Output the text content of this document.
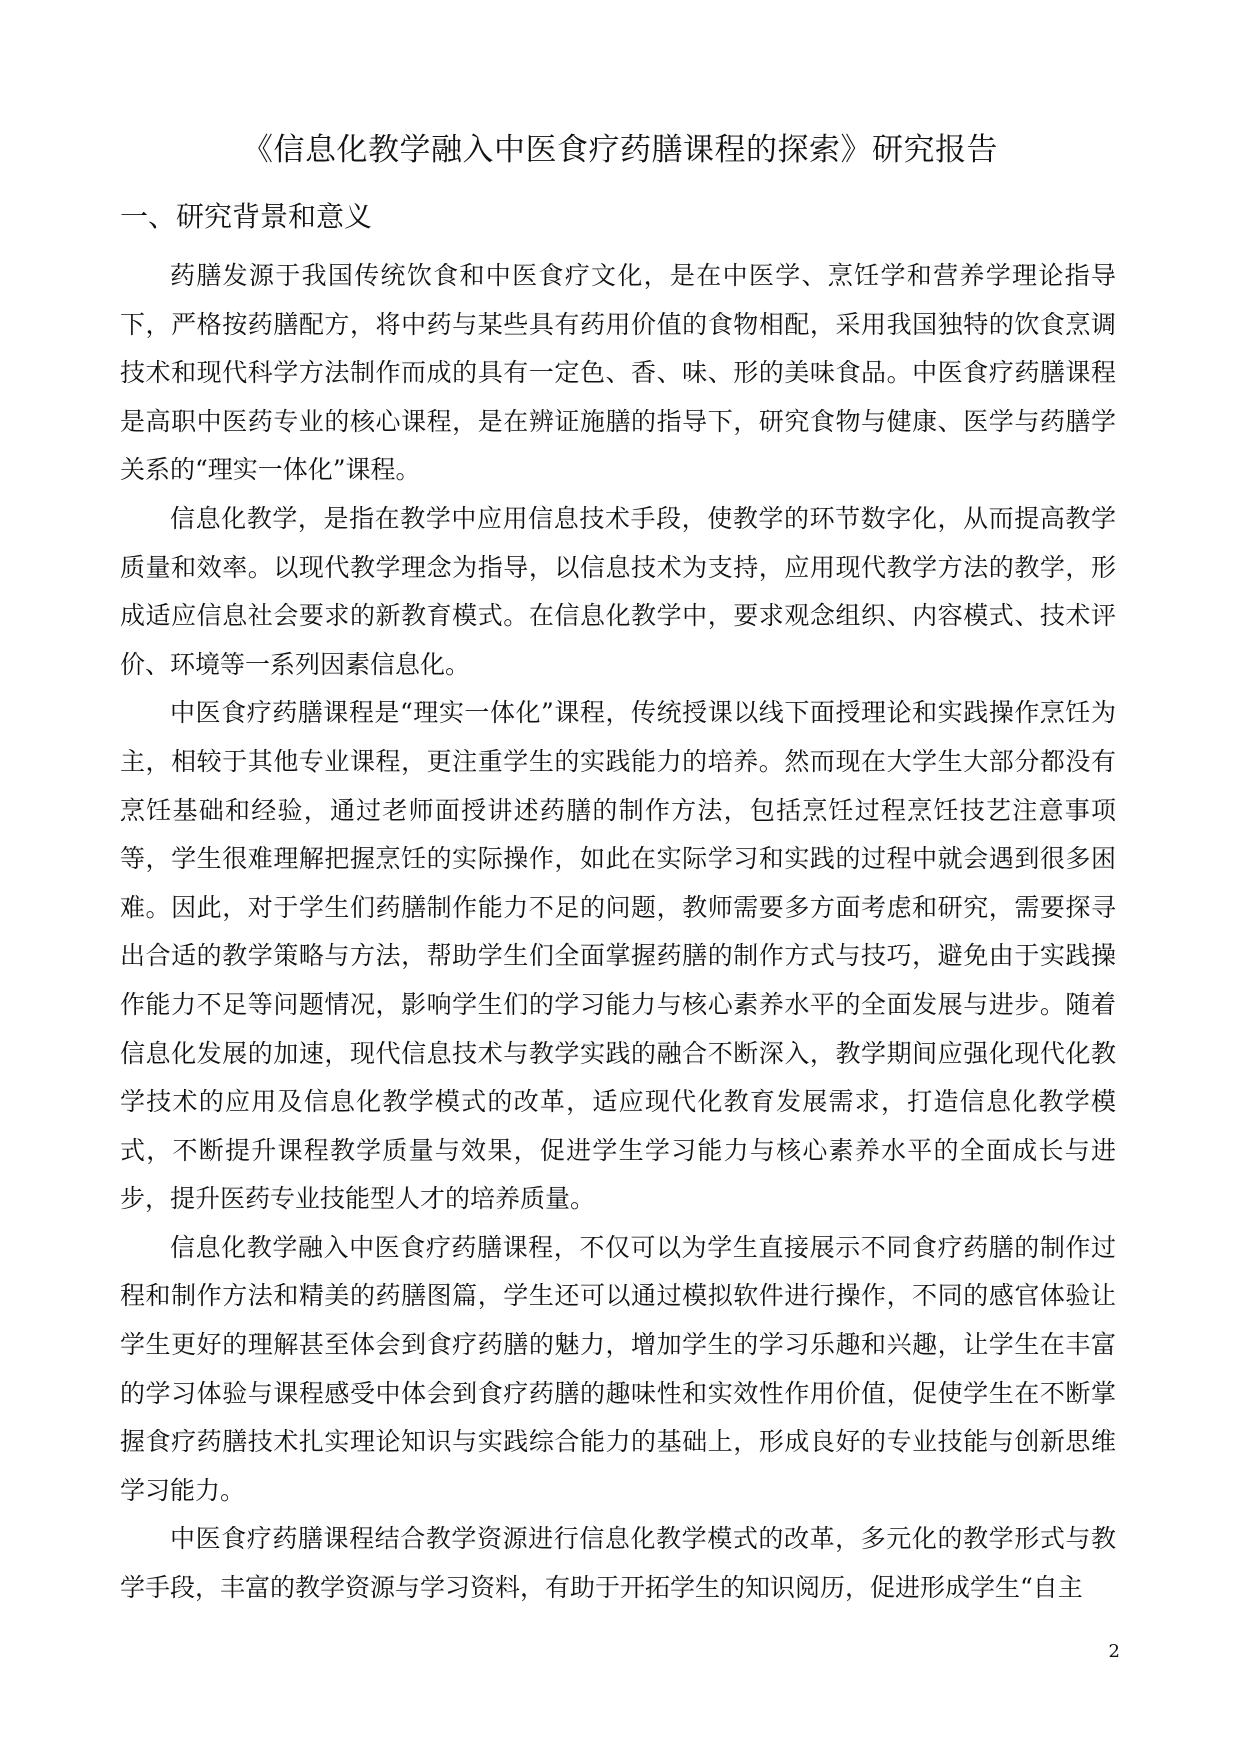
《信息化教学融入中医食疗药膳课程的探索》研究报告
一、研究背景和意义

药膳发源于我国传统饮食和中医食疗文化，是在中医学、烹饪学和营养学理论指导下，严格按药膳配方，将中药与某些具有药用价值的食物相配，采用我国独特的饮食烹调技术和现代科学方法制作而成的具有一定色、香、味、形的美味食品。中医食疗药膳课程是高职中医药专业的核心课程，是在辨证施膳的指导下，研究食物与健康、医学与药膳学关系的“理实一体化”课程。

信息化教学，是指在教学中应用信息技术手段，使教学的环节数字化，从而提高教学质量和效率。以现代教学理念为指导，以信息技术为支持，应用现代教学方法的教学，形成适应信息社会要求的新教育模式。在信息化教学中，要求观念组织、内容模式、技术评价、环境等一系列因素信息化。

中医食疗药膳课程是“理实一体化”课程，传统授课以线下面授理论和实践操作烹饪为主，相较于其他专业课程，更注重学生的实践能力的培养。然而现在大学生大部分都没有烹饪基础和经验，通过老师面授讲述药膳的制作方法，包括烹饪过程烹饪技艺注意事项等，学生很难理解把握烹饪的实际操作，如此在实际学习和实践的过程中就会遇到很多困难。因此，对于学生们药膳制作能力不足的问题，教师需要多方面考虑和研究，需要探寻出合适的教学策略与方法，帮助学生们全面掌握药膳的制作方式与技巧，避免由于实践操作能力不足等问题情况，影响学生们的学习能力与核心素养水平的全面发展与进步。随着信息化发展的加速，现代信息技术与教学实践的融合不断深入，教学期间应强化现代化教学技术的应用及信息化教学模式的改革，适应现代化教育发展需求，打造信息化教学模式，不断提升课程教学质量与效果，促进学生学习能力与核心素养水平的全面成长与进步，提升医药专业技能型人才的培养质量。

信息化教学融入中医食疗药膳课程，不仅可以为学生直接展示不同食疗药膳的制作过程和制作方法和精美的药膳图篇，学生还可以通过模拟软件进行操作，不同的感官体验让学生更好的理解甚至体会到食疗药膳的魅力，增加学生的学习乐趣和兴趣，让学生在丰富的学习体验与课程感受中体会到食疗药膳的趣味性和实效性作用价值，促使学生在不断掌握食疗药膳技术扎实理论知识与实践综合能力的基础上，形成良好的专业技能与创新思维学习能力。

中医食疗药膳课程结合教学资源进行信息化教学模式的改革，多元化的教学形式与教学手段，丰富的教学资源与学习资料，有助于开拓学生的知识阅历，促进形成学生“自主

2
